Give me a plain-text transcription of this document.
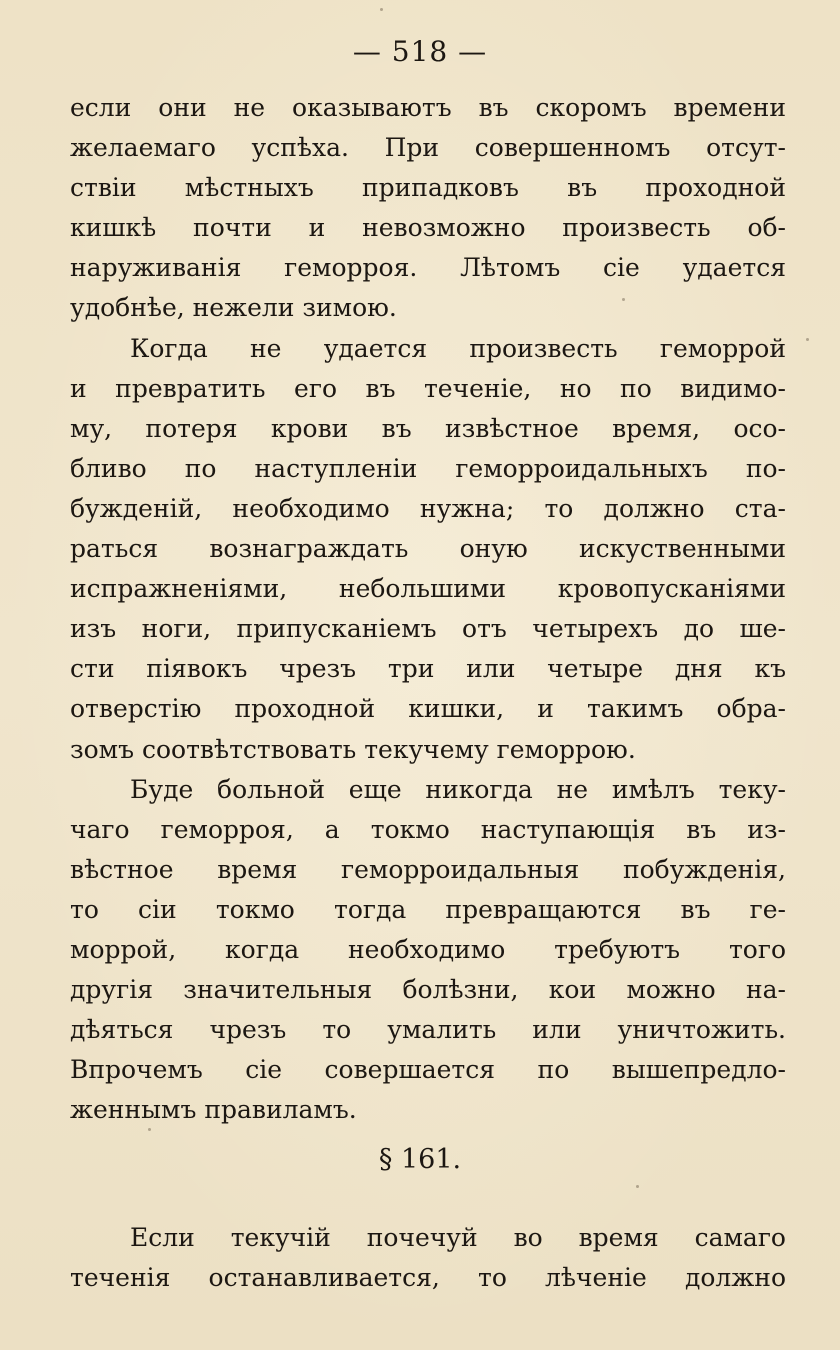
— 518 —
если они не оказываютъ въ скоромъ времени
желаемаго успѣха. При совершенномъ отсут-
ствіи мѣстныхъ припадковъ въ проходной
кишкѣ почти и невозможно произвесть об-
наруживанія геморроя. Лѣтомъ сіе удается
удобнѣе, нежели зимою.
Когда не удается произвесть геморрой
и превратить его въ теченіе, но по видимо-
му, потеря крови въ извѣстное время, осо-
бливо по наступленіи геморроидальныхъ по-
бужденій, необходимо нужна; то должно ста-
раться вознаграждать оную искуственными
испражненіями, небольшими кровопусканіями
изъ ноги, припусканіемъ отъ четырехъ до ше-
сти піявокъ чрезъ три или четыре дня къ
отверстію проходной кишки, и такимъ обра-
зомъ соотвѣтствовать текучему геморрою.
Буде больной еще никогда не имѣлъ теку-
чаго геморроя, а токмо наступающія въ из-
вѣстное время геморроидальныя побужденія,
то сіи токмо тогда превращаются въ ге-
моррой, когда необходимо требуютъ того
другія значительныя болѣзни, кои можно на-
дѣяться чрезъ то умалить или уничтожить.
Впрочемъ сіе совершается по вышепредло-
женнымъ правиламъ.
§ 161.
Если текучій почечуй во время самаго
теченія останавливается, то лѣченіе должно
